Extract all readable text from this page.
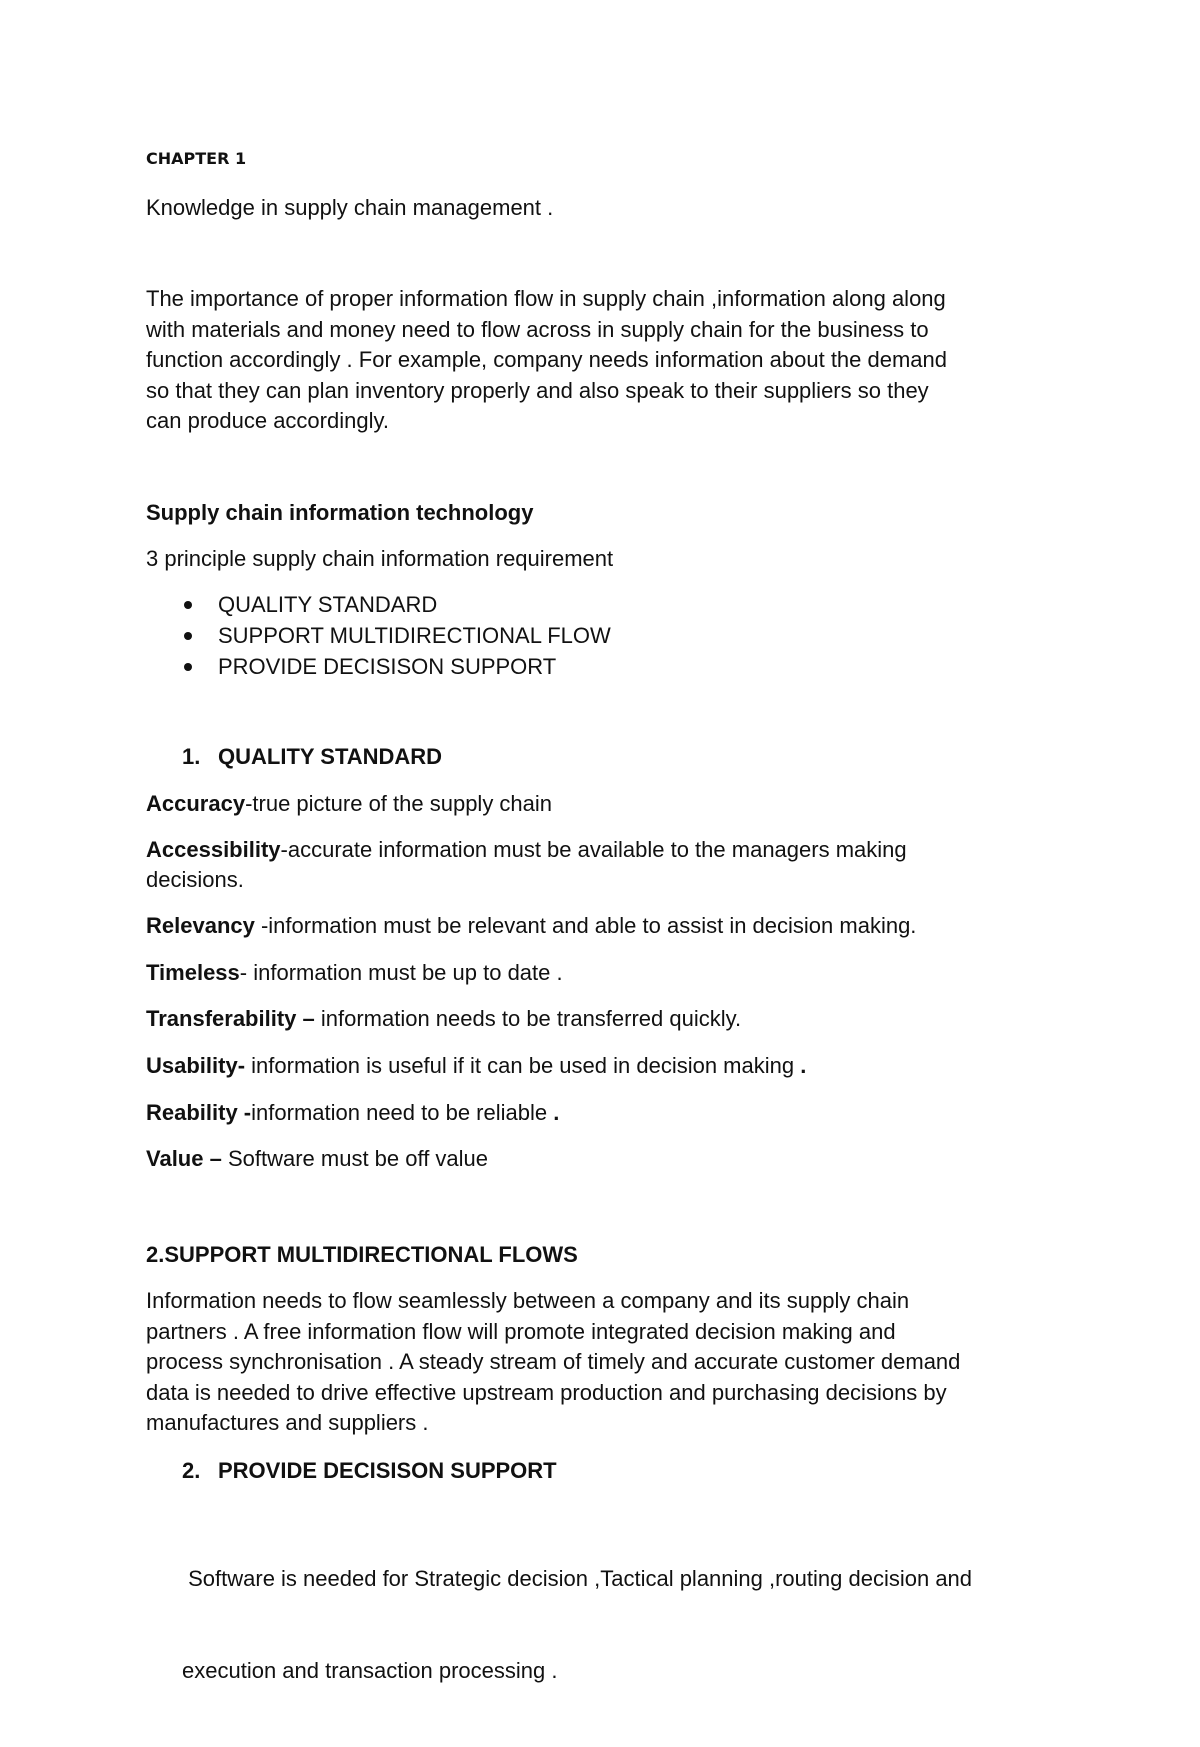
CHAPTER 1
Knowledge in supply chain management .
The importance of proper information flow in supply chain ,information along along
with materials and money need to flow across in supply chain for the business to
function accordingly . For example, company needs information about the demand
so that they can plan inventory properly and also speak to their suppliers so they
can produce accordingly.
Supply chain information technology
3 principle supply chain information requirement
QUALITY STANDARD
SUPPORT MULTIDIRECTIONAL FLOW
PROVIDE DECISISON SUPPORT
1. QUALITY STANDARD
Accuracy-true picture of the supply chain
Accessibility-accurate information must be available to the managers making
decisions.
Relevancy -information must be relevant and able to assist in decision making.
Timeless- information must be up to date .
Transferability – information needs to be transferred quickly.
Usability- information is useful if it can be used in decision making .
Reability -information need to be reliable .
Value – Software must be off value
2.SUPPORT MULTIDIRECTIONAL FLOWS
Information needs to flow seamlessly between a company and its supply chain
partners . A free information flow will promote integrated decision making and
process synchronisation . A steady stream of timely and accurate customer demand
data is needed to drive effective upstream production and purchasing decisions by
manufactures and suppliers .
2. PROVIDE DECISISON SUPPORT

Software is needed for Strategic decision ,Tactical planning ,routing decision and

execution and transaction processing .
